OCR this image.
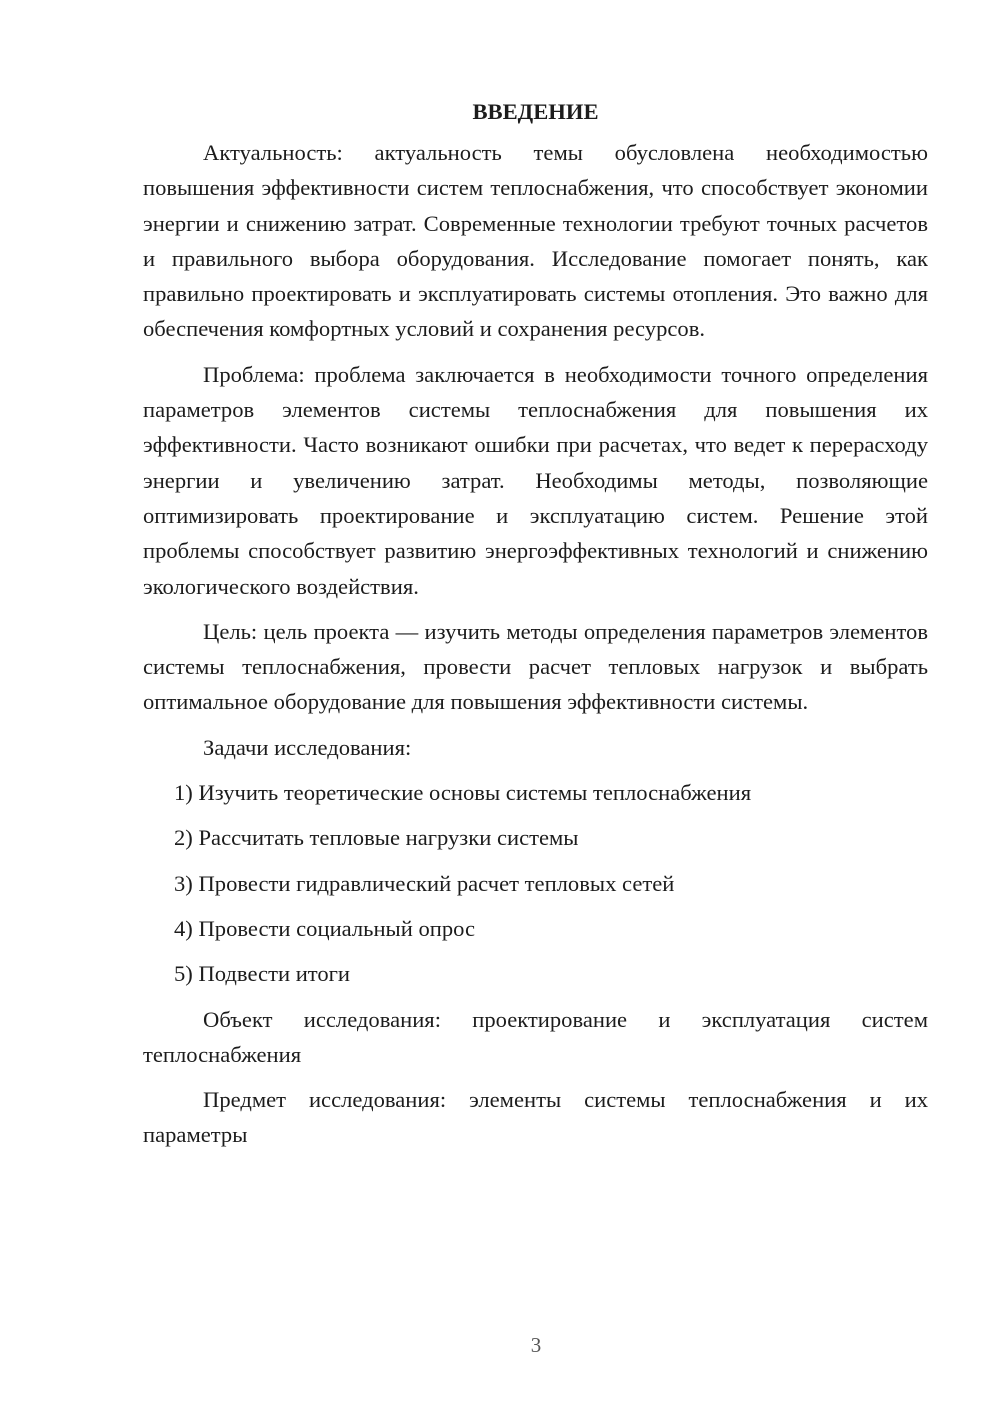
ВВЕДЕНИЕ

Актуальность: актуальность темы обусловлена необходимостью повышения эффективности систем теплоснабжения, что способствует экономии энергии и снижению затрат. Современные технологии требуют точных расчетов и правильного выбора оборудования. Исследование помогает понять, как правильно проектировать и эксплуатировать системы отопления. Это важно для обеспечения комфортных условий и сохранения ресурсов.

Проблема: проблема заключается в необходимости точного определения параметров элементов системы теплоснабжения для повышения их эффективности. Часто возникают ошибки при расчетах, что ведет к перерасходу энергии и увеличению затрат. Необходимы методы, позволяющие оптимизировать проектирование и эксплуатацию систем. Решение этой проблемы способствует развитию энергоэффективных технологий и снижению экологического воздействия.

Цель: цель проекта — изучить методы определения параметров элементов системы теплоснабжения, провести расчет тепловых нагрузок и выбрать оптимальное оборудование для повышения эффективности системы.

Задачи исследования:

1) Изучить теоретические основы системы теплоснабжения
2) Рассчитать тепловые нагрузки системы
3) Провести гидравлический расчет тепловых сетей
4) Провести социальный опрос
5) Подвести итоги

Объект исследования: проектирование и эксплуатация систем теплоснабжения

Предмет исследования: элементы системы теплоснабжения и их параметры

3
